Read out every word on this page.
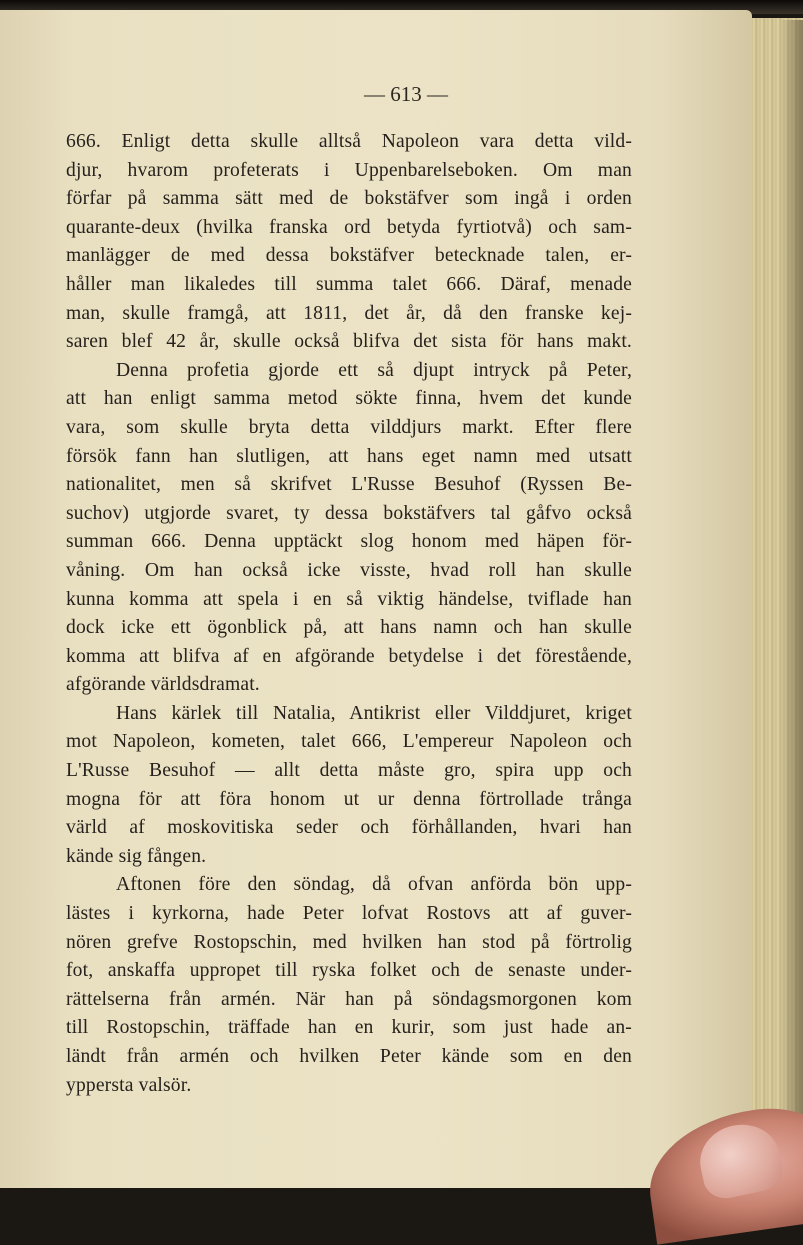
— 613 —
666. Enligt detta skulle alltså Napoleon vara detta vild-
djur, hvarom profeterats i Uppenbarelseboken. Om man
förfar på samma sätt med de bokstäfver som ingå i orden
quarante-deux (hvilka franska ord betyda fyrtiotvå) och sam-
manlägger de med dessa bokstäfver betecknade talen, er-
håller man likaledes till summa talet 666. Däraf, menade
man, skulle framgå, att 1811, det år, då den franske kej-
saren blef 42 år, skulle också blifva det sista för hans makt.
Denna profetia gjorde ett så djupt intryck på Peter,
att han enligt samma metod sökte finna, hvem det kunde
vara, som skulle bryta detta vilddjurs markt. Efter flere
försök fann han slutligen, att hans eget namn med utsatt
nationalitet, men så skrifvet L'Russe Besuhof (Ryssen Be-
suchov) utgjorde svaret, ty dessa bokstäfvers tal gåfvo också
summan 666. Denna upptäckt slog honom med häpen för-
våning. Om han också icke visste, hvad roll han skulle
kunna komma att spela i en så viktig händelse, tviflade han
dock icke ett ögonblick på, att hans namn och han skulle
komma att blifva af en afgörande betydelse i det förestående,
afgörande världsdramat.
Hans kärlek till Natalia, Antikrist eller Vilddjuret, kriget
mot Napoleon, kometen, talet 666, L'empereur Napoleon och
L'Russe Besuhof — allt detta måste gro, spira upp och
mogna för att föra honom ut ur denna förtrollade trånga
värld af moskovitiska seder och förhållanden, hvari han
kände sig fången.
Aftonen före den söndag, då ofvan anförda bön upp-
lästes i kyrkorna, hade Peter lofvat Rostovs att af guver-
nören grefve Rostopschin, med hvilken han stod på förtrolig
fot, anskaffa uppropet till ryska folket och de senaste under-
rättelserna från armén. När han på söndagsmorgonen kom
till Rostopschin, träffade han en kurir, som just hade an-
ländt från armén och hvilken Peter kände som en den
yppersta valsör.
